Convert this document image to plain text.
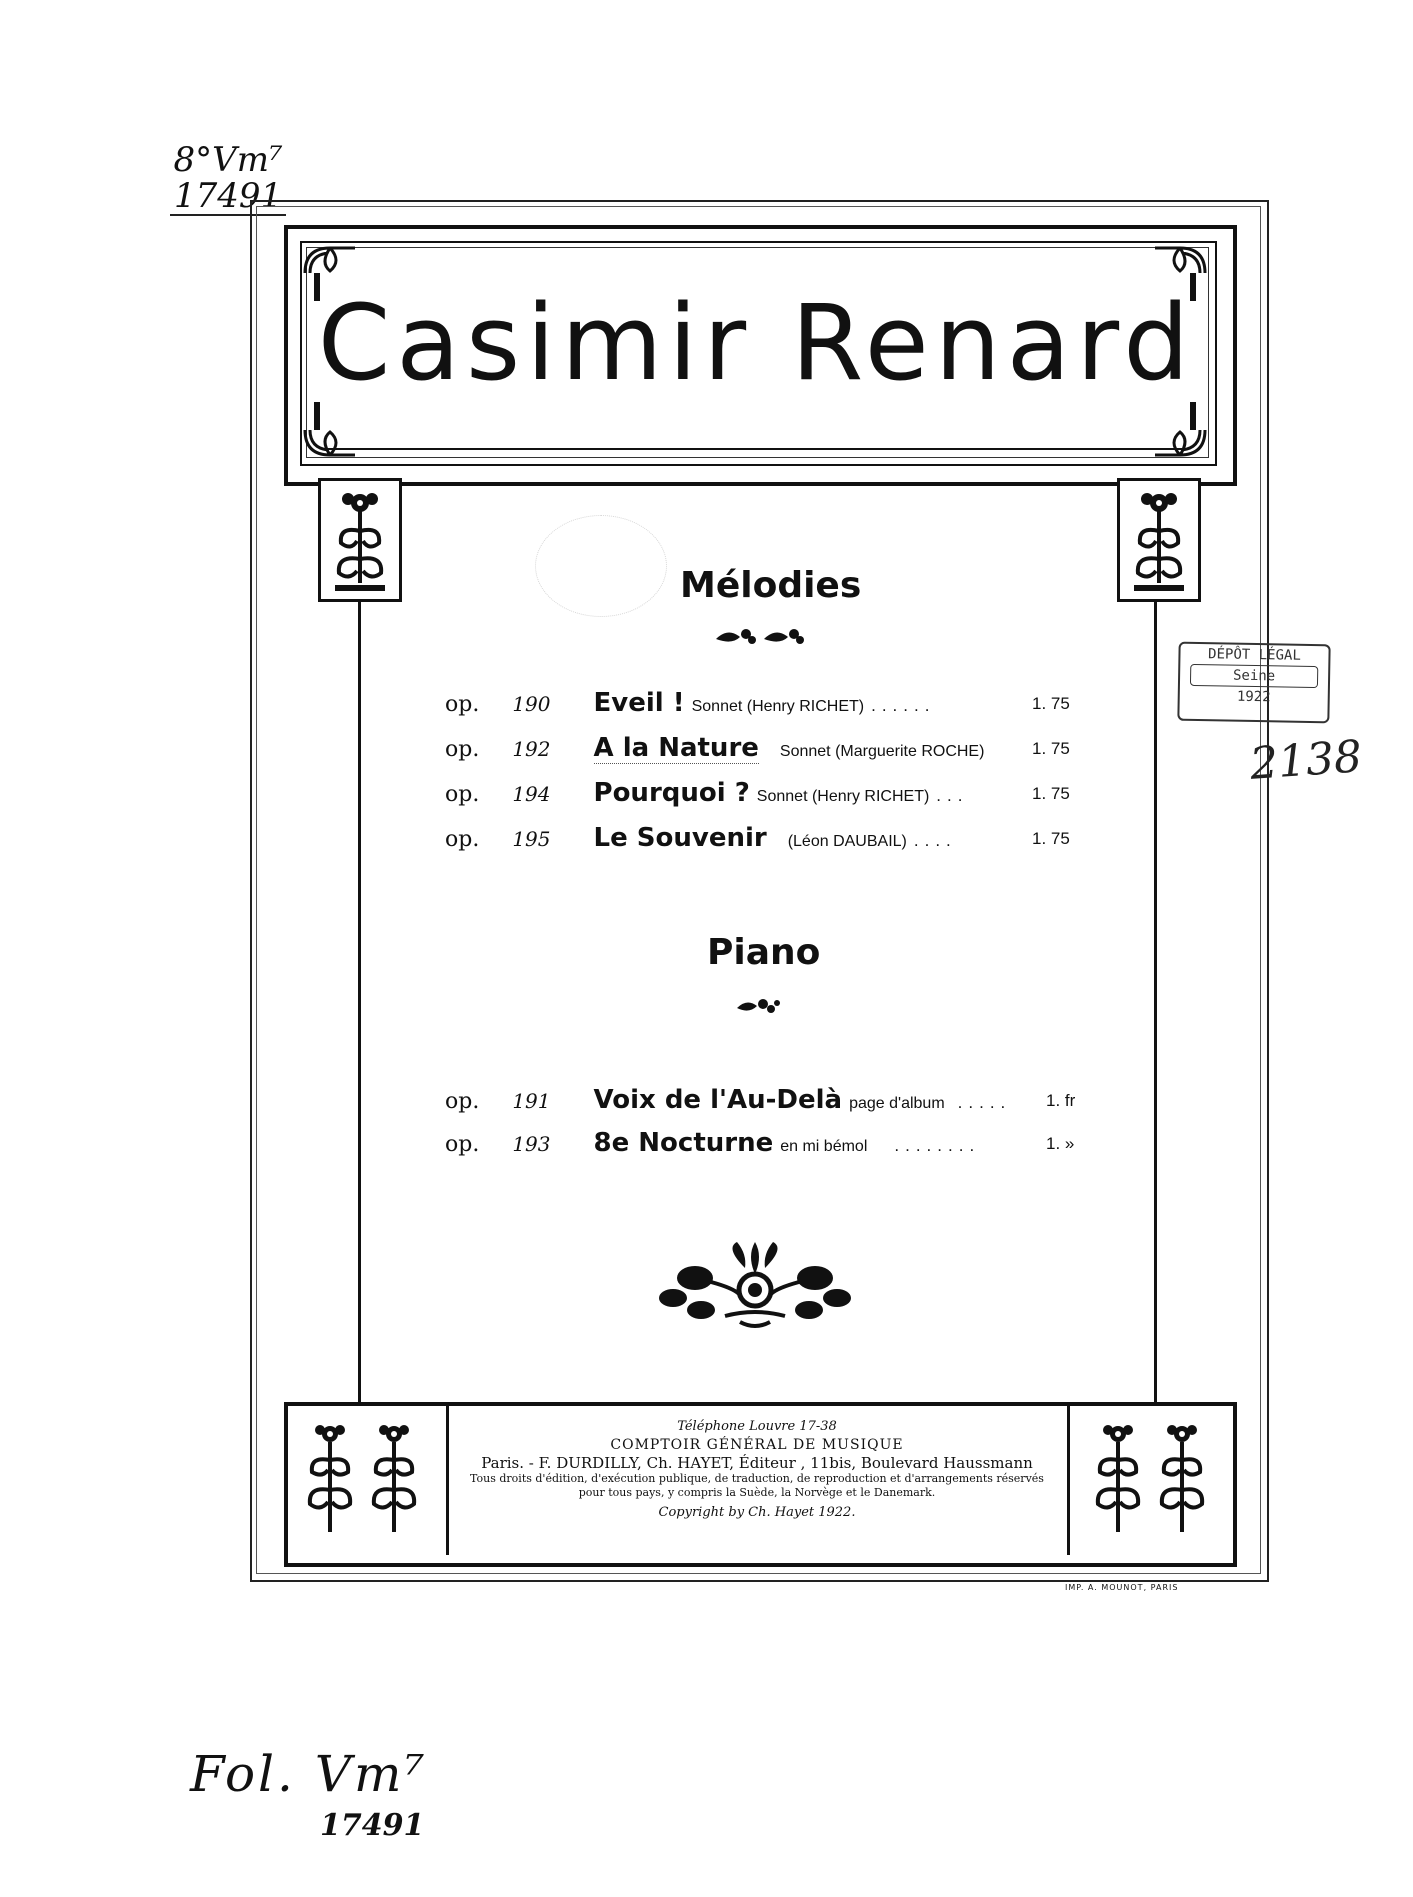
8°Vm⁷
17491
Casimir Renard
Mélodies
op. 190 Eveil ! Sonnet (Henry RICHET) ......	1. 75
op. 192 A la Nature Sonnet (Marguerite ROCHE)	1. 75
op. 194 Pourquoi ? Sonnet (Henry RICHET) ...	1. 75
op. 195 Le Souvenir (Léon DAUBAIL) ....	1. 75
Piano
op. 191 Voix de l'Au-Delà page d'album ..... 1. fr
op. 193 8e Nocturne en mi bémol ........	1. »
Téléphone Louvre 17-38
COMPTOIR GÉNÉRAL DE MUSIQUE
Paris. - F. DURDILLY, Ch. HAYET, Éditeur , 11bis, Boulevard Haussmann
Tous droits d'édition, d'exécution publique, de traduction, de reproduction et d'arrangements réservés
pour tous pays, y compris la Suède, la Norvège et le Danemark.
Copyright by Ch. Hayet 1922.
IMP. A. MOUNOT, PARIS
DÉPÔT LÉGAL
Seine
1922
2138
Fol. Vm⁷
17491
